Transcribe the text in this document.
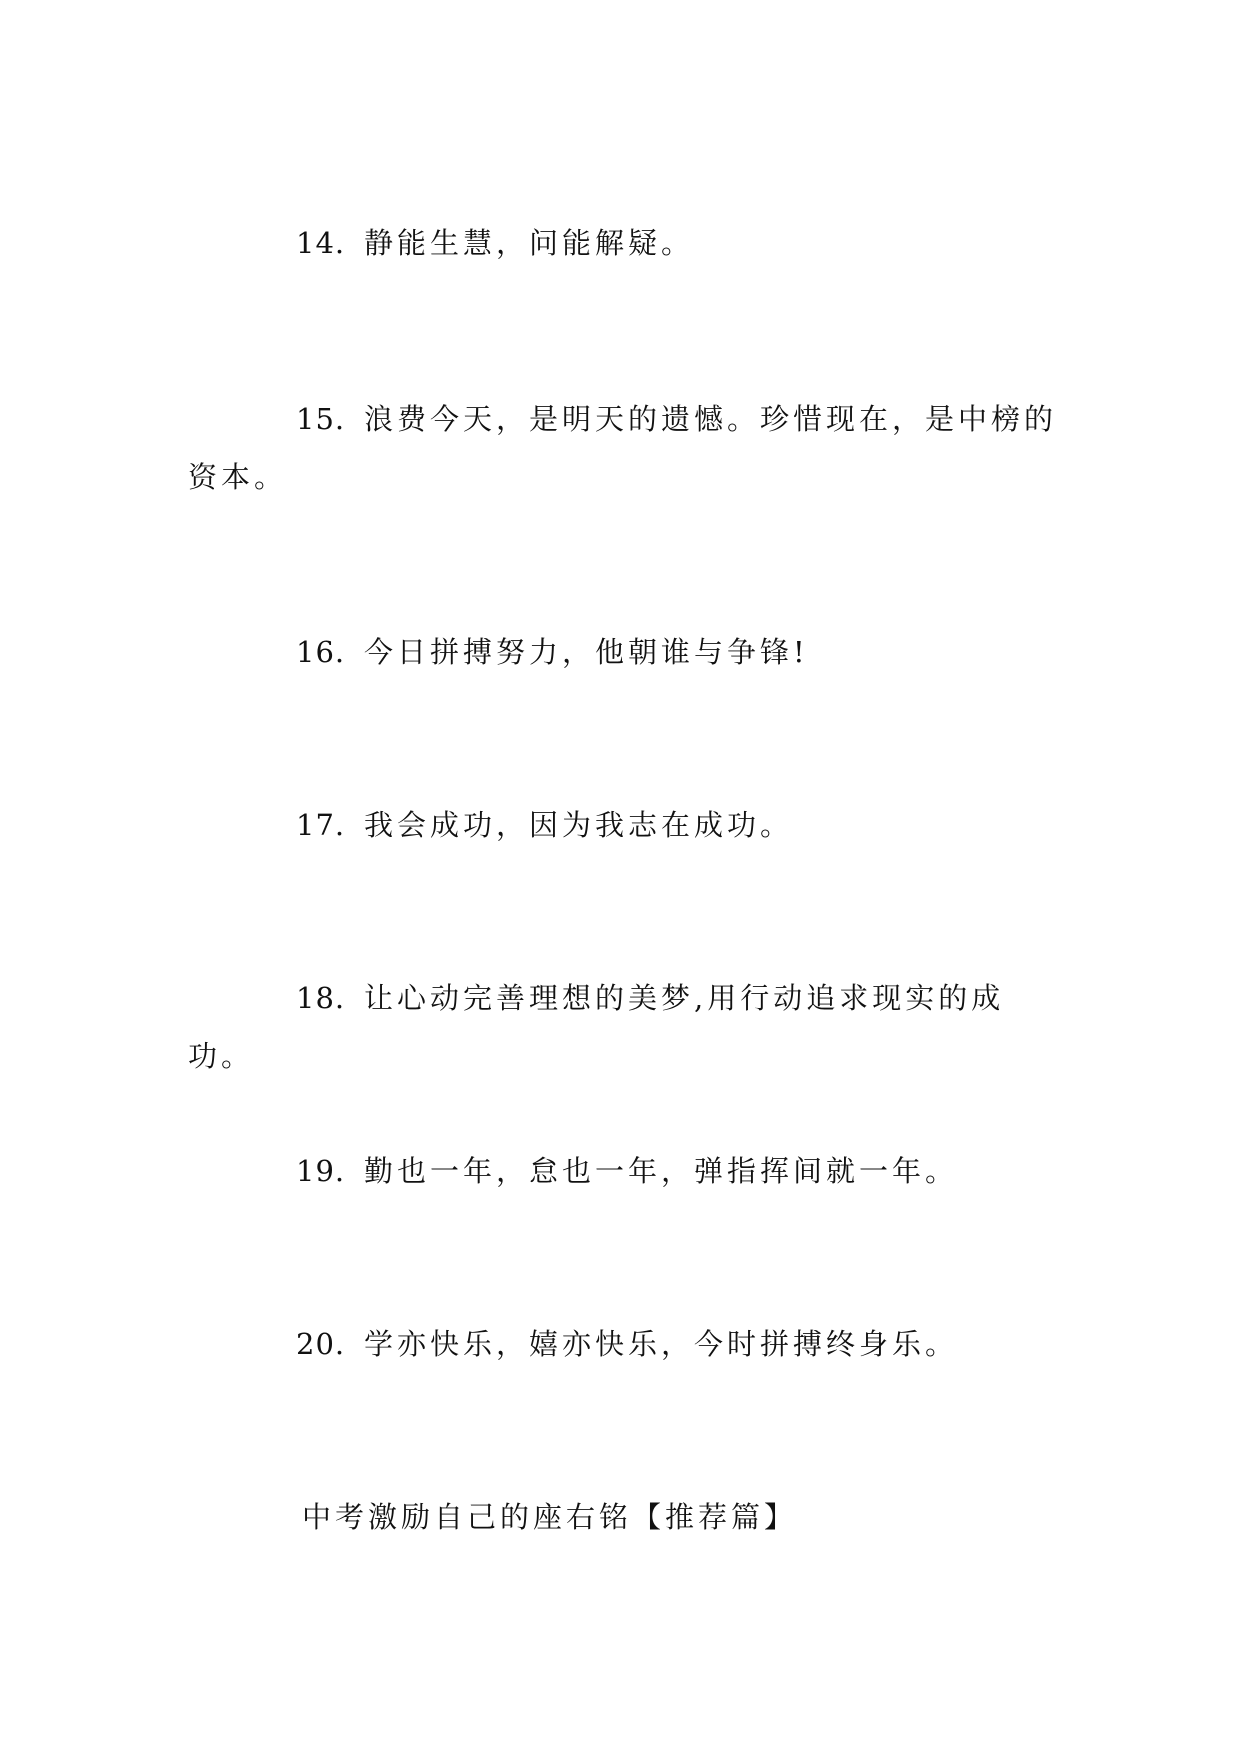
14. 静能生慧，问能解疑。
15. 浪费今天，是明天的遗憾。珍惜现在，是中榜的资本。
16. 今日拼搏努力，他朝谁与争锋!
17. 我会成功，因为我志在成功。
18. 让心动完善理想的美梦,用行动追求现实的成功。
19. 勤也一年，怠也一年，弹指挥间就一年。
20. 学亦快乐，嬉亦快乐，今时拼搏终身乐。
中考激励自己的座右铭【推荐篇】
